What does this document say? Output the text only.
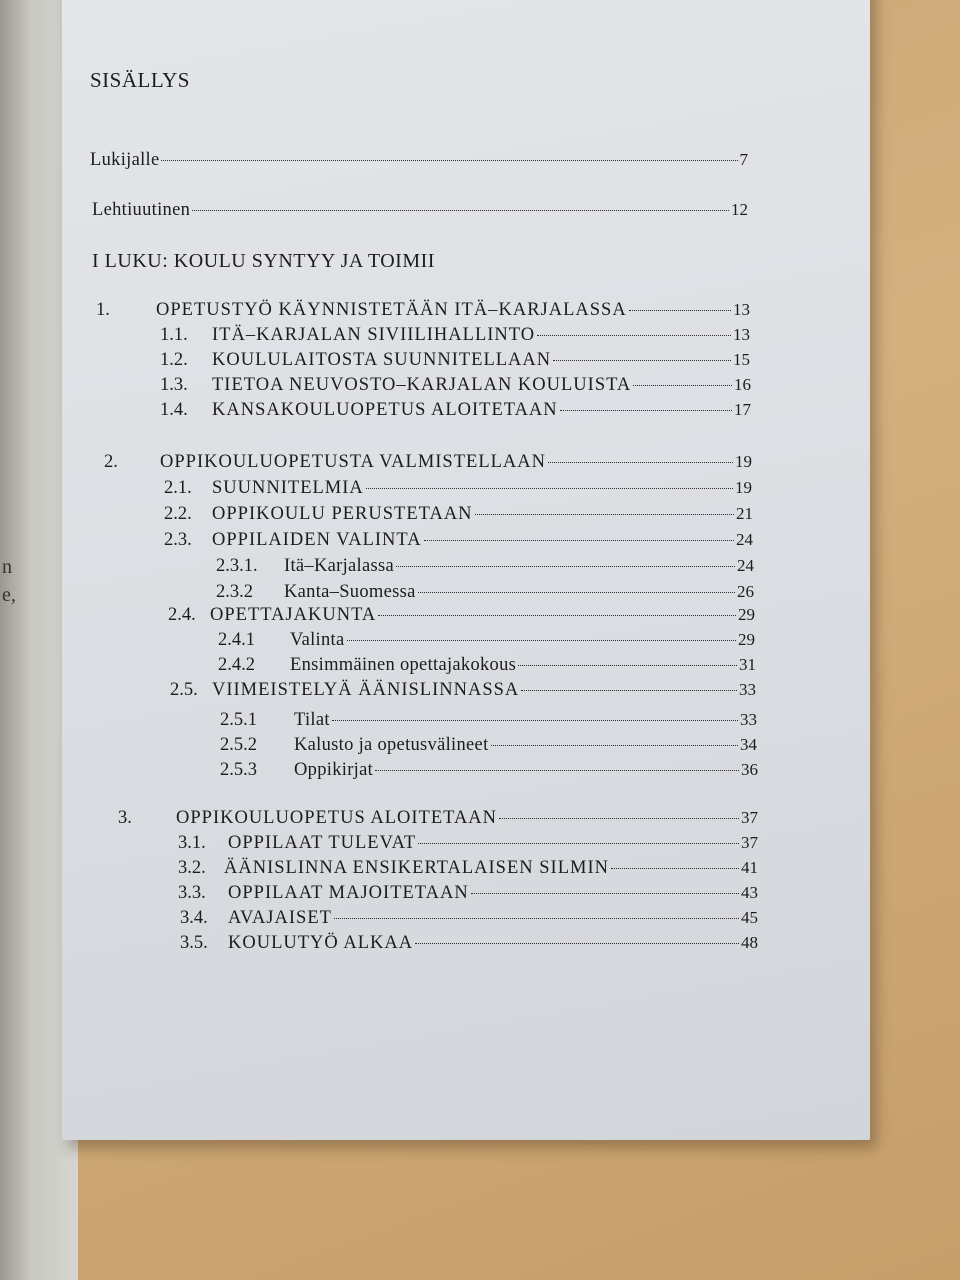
n
e,
SISÄLLYS
I LUKU: KOULU SYNTYY JA TOIMII
Lukijalle	7
Lehtiuutinen	12
1.	OPETUSTYÖ KÄYNNISTETÄÄN ITÄ–KARJALASSA	13
1.1.	ITÄ–KARJALAN SIVIILIHALLINTO	13
1.2.	KOULULAITOSTA SUUNNITELLAAN	15
1.3.	TIETOA NEUVOSTO–KARJALAN KOULUISTA	16
1.4.	KANSAKOULUOPETUS ALOITETAAN	17
2.	OPPIKOULUOPETUSTA VALMISTELLAAN	19
2.1.	SUUNNITELMIA	19
2.2.	OPPIKOULU PERUSTETAAN	21
2.3.	OPPILAIDEN VALINTA	24
2.3.1.	Itä–Karjalassa	24
2.3.2	Kanta–Suomessa	26
2.4. OPETTAJAKUNTA	29
2.4.1	Valinta	29
2.4.2	Ensimmäinen opettajakokous	31
2.5. VIIMEISTELYÄ ÄÄNISLINNASSA	33
2.5.1	Tilat	33
2.5.2	Kalusto ja opetusvälineet	34
2.5.3	Oppikirjat	36
3.	OPPIKOULUOPETUS ALOITETAAN	37
3.1.	OPPILAAT TULEVAT	37
3.2. ÄÄNISLINNA ENSIKERTALAISEN SILMIN	41
3.3.	OPPILAAT MAJOITETAAN	43
3.4.	AVAJAISET	45
3.5.	KOULUTYÖ ALKAA	48
